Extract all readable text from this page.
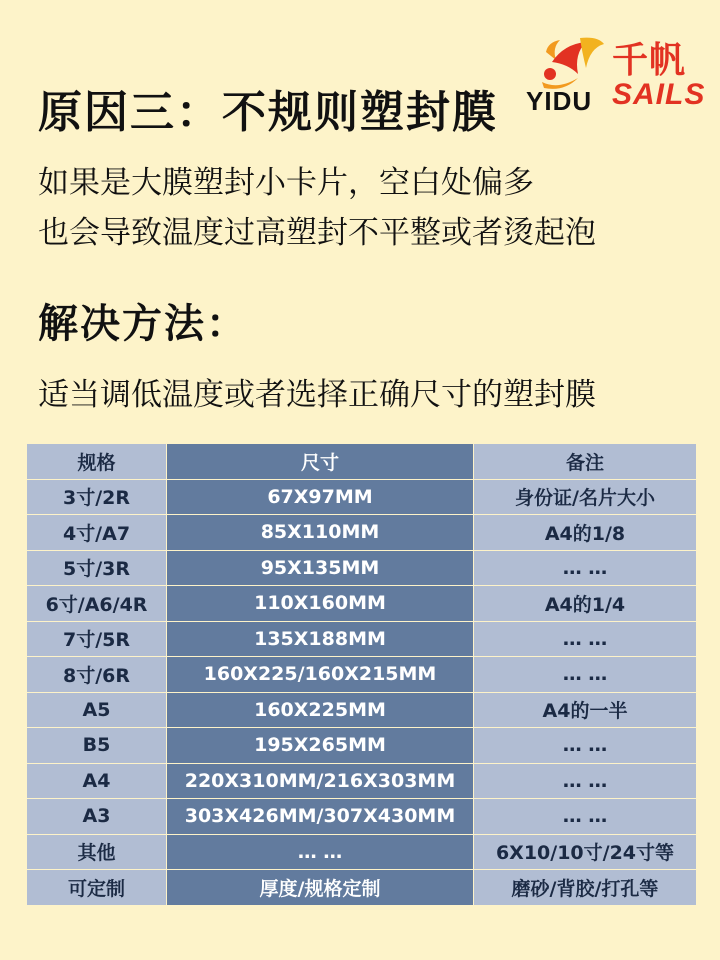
原因三：不规则塑封膜
千帆
YIDU SAILS
如果是大膜塑封小卡片，空白处偏多
也会导致温度过高塑封不平整或者烫起泡
解决方法：
适当调低温度或者选择正确尺寸的塑封膜
规格	尺寸	备注
3寸/2R	67X97MM	身份证/名片大小
4寸/A7	85X110MM	A4的1/8
5寸/3R	95X135MM	… …
6寸/A6/4R	110X160MM	A4的1/4
7寸/5R	135X188MM	… …
8寸/6R	160X225/160X215MM	… …
A5	160X225MM	A4的一半
B5	195X265MM	… …
A4	220X310MM/216X303MM	… …
A3	303X426MM/307X430MM	… …
其他	… …	6X10/10寸/24寸等
可定制	厚度/规格定制	磨砂/背胶/打孔等
